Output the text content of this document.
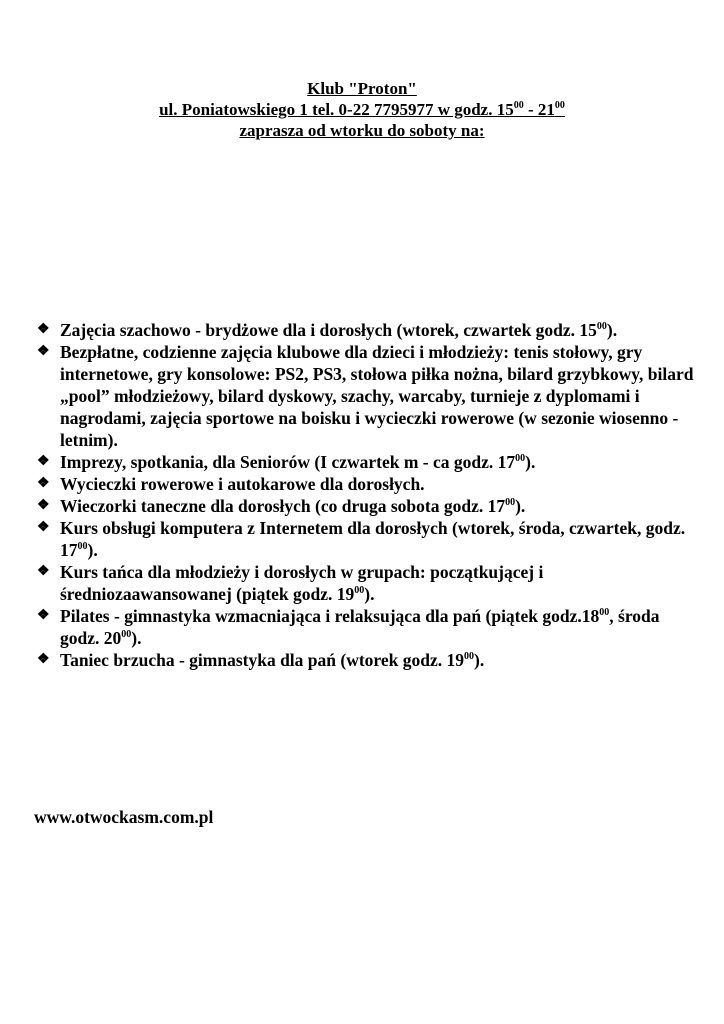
Klub "Proton"
ul. Poniatowskiego 1 tel. 0-22 7795977 w godz. $15^{00} - 21^{00}$
zaprasza od wtorku do soboty na:
❖ Zajęcia szachowo - brydżowe dla i dorosłych (wtorek, czwartek godz. $15^{00}$).
❖ Bezpłatne, codzienne zajęcia klubowe dla dzieci i młodzieży: tenis stołowy, gry internetowe, gry konsolowe: PS2, PS3, stołowa piłka nożna, bilard grzybkowy, bilard „pool” młodzieżowy, bilard dyskowy, szachy, warcaby, turnieje z dyplomami i nagrodami, zajęcia sportowe na boisku i wycieczki rowerowe (w sezonie wiosenno - letnim).
❖ Imprezy, spotkania, dla Seniorów (I czwartek m - ca godz. $17^{00}$).
❖ Wycieczki rowerowe i autokarowe dla dorosłych.
❖ Wieczorki taneczne dla dorosłych (co druga sobota godz. $17^{00}$).
❖ Kurs obsługi komputera z Internetem dla dorosłych (wtorek, środa, czwartek, godz. $17^{00}$).
❖ Kurs tańca dla młodzieży i dorosłych w grupach: początkującej i średniozaawansowanej (piątek godz. $19^{00}$).
❖ Pilates - gimnastyka wzmacniająca i relaksująca dla pań (piątek $godz.18^{00}$, środa godz. $20^{00}$).
❖ Taniec brzucha - gimnastyka dla pań (wtorek godz. $19^{00}$).
www.otwockasm.com.pl
